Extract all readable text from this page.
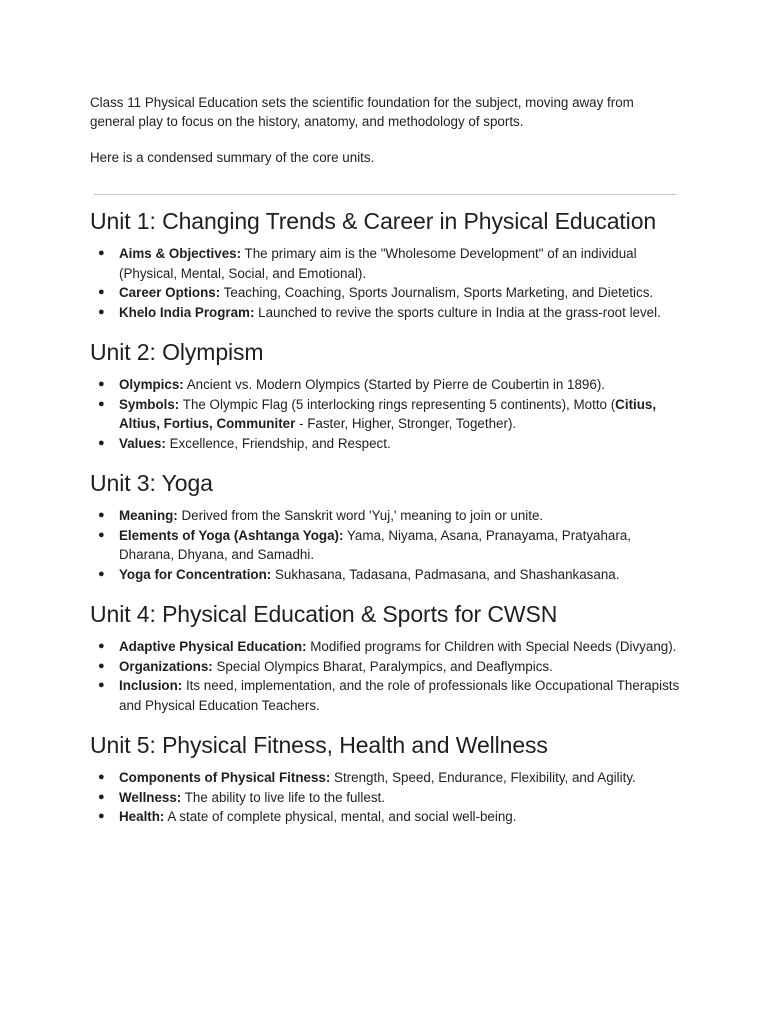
Class 11 Physical Education sets the scientific foundation for the subject, moving away from general play to focus on the history, anatomy, and methodology of sports.

Here is a condensed summary of the core units.

Unit 1: Changing Trends & Career in Physical Education
● Aims & Objectives: The primary aim is the "Wholesome Development" of an individual (Physical, Mental, Social, and Emotional).
● Career Options: Teaching, Coaching, Sports Journalism, Sports Marketing, and Dietetics.
● Khelo India Program: Launched to revive the sports culture in India at the grass-root level.
Unit 2: Olympism
● Olympics: Ancient vs. Modern Olympics (Started by Pierre de Coubertin in 1896).
● Symbols: The Olympic Flag (5 interlocking rings representing 5 continents), Motto (Citius, Altius, Fortius, Communiter - Faster, Higher, Stronger, Together).
● Values: Excellence, Friendship, and Respect.
Unit 3: Yoga
● Meaning: Derived from the Sanskrit word 'Yuj,' meaning to join or unite.
● Elements of Yoga (Ashtanga Yoga): Yama, Niyama, Asana, Pranayama, Pratyahara, Dharana, Dhyana, and Samadhi.
● Yoga for Concentration: Sukhasana, Tadasana, Padmasana, and Shashankasana.
Unit 4: Physical Education & Sports for CWSN
● Adaptive Physical Education: Modified programs for Children with Special Needs (Divyang).
● Organizations: Special Olympics Bharat, Paralympics, and Deaflympics.
● Inclusion: Its need, implementation, and the role of professionals like Occupational Therapists and Physical Education Teachers.
Unit 5: Physical Fitness, Health and Wellness
● Components of Physical Fitness: Strength, Speed, Endurance, Flexibility, and Agility.
● Wellness: The ability to live life to the fullest.
● Health: A state of complete physical, mental, and social well-being.
